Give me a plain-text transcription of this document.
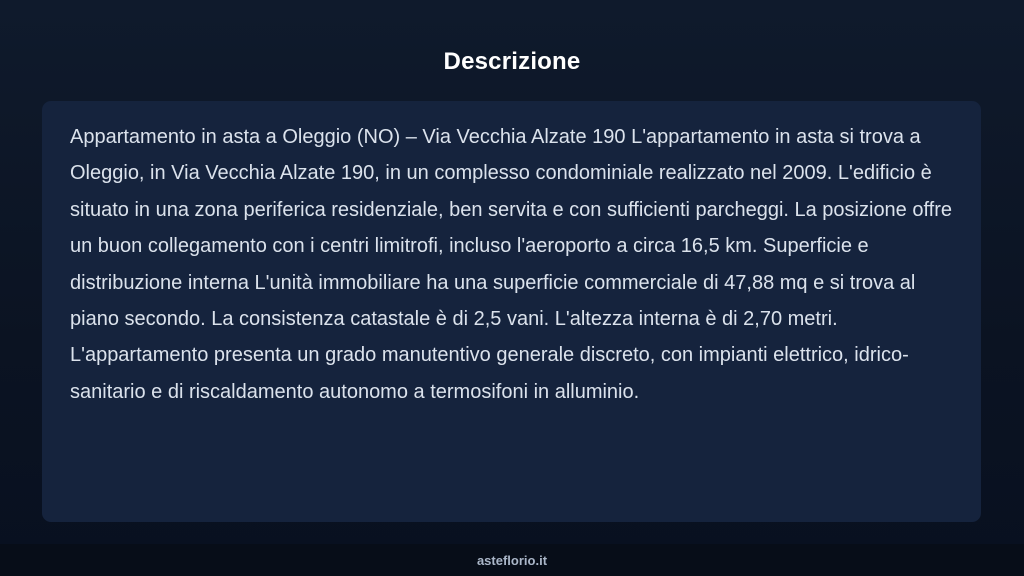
Descrizione

Appartamento in asta a Oleggio (NO) – Via Vecchia Alzate 190 L'appartamento in asta si trova a Oleggio, in Via Vecchia Alzate 190, in un complesso condominiale realizzato nel 2009. L'edificio è situato in una zona periferica residenziale, ben servita e con sufficienti parcheggi. La posizione offre un buon collegamento con i centri limitrofi, incluso l'aeroporto a circa 16,5 km. Superficie e distribuzione interna L'unità immobiliare ha una superficie commerciale di 47,88 mq e si trova al piano secondo. La consistenza catastale è di 2,5 vani. L'altezza interna è di 2,70 metri. L'appartamento presenta un grado manutentivo generale discreto, con impianti elettrico, idrico-sanitario e di riscaldamento autonomo a termosifoni in alluminio.

asteflorio.it
